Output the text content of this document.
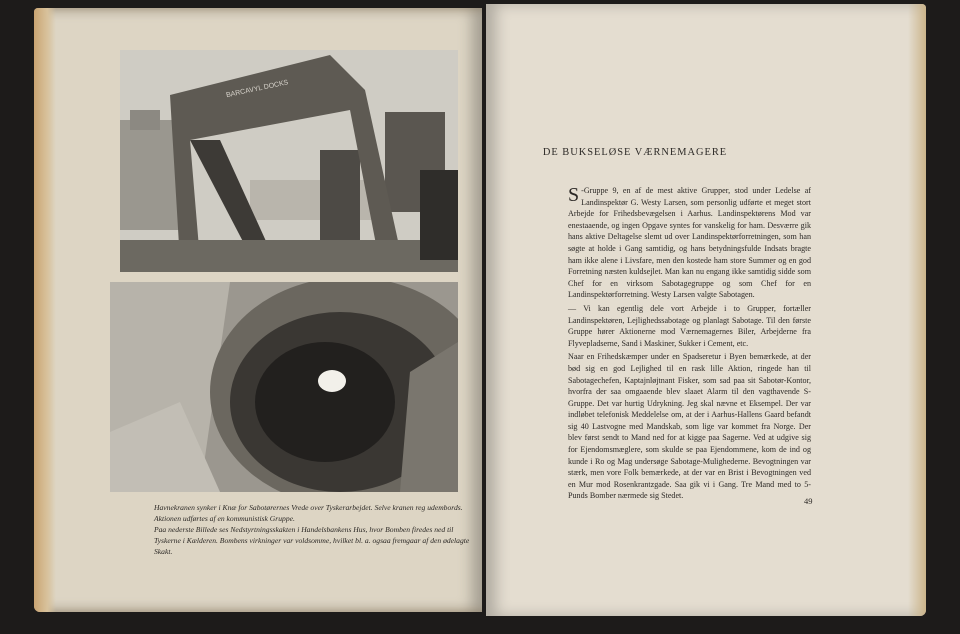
BARCAVYL DOCKS
Havnekranen synker i Knæ for Sabotørernes Vrede over Tyskerarbejdet. Selve kranen reg udembords. Aktionen udførtes af en kommunistisk Gruppe.
Paa nederste Billede ses Nedstyrtningsskakten i Handelsbankens Hus, hvor Bomben firedes ned til Tyskerne i Kælderen. Bombens virkninger var voldsomme, hvilket bl. a. ogsaa fremgaar af den ødelagte Skakt.
DE BUKSELØSE VÆRNEMAGERE

S -Gruppe 9, en af de mest aktive Grupper, stod under Ledelse af Landinspektør G. Westy Larsen, som personlig udførte et meget stort Arbejde for Frihedsbevægelsen i Aarhus. Landinspektørens Mod var enestaaende, og ingen Opgave syntes for vanskelig for ham. Desværre gik hans aktive Deltagelse slemt ud over Landinspektørforretningen, som han søgte at holde i Gang samtidig, og hans betydningsfulde Indsats bragte ham ikke alene i Livsfare, men den kostede ham store Summer og en god Forretning næsten kuldsejlet. Man kan nu engang ikke samtidig sidde som Chef for en virksom Sabotagegruppe og som Chef for en Landinspektørforretning. Westy Larsen valgte Sabotagen.

— Vi kan egentlig dele vort Arbejde i to Grupper, fortæller Landinspektøren, Lejlighedssabotage og planlagt Sabotage. Til den første Gruppe hører Aktionerne mod Værnemagernes Biler, Arbejderne fra Flyvepladserne, Sand i Maskiner, Sukker i Cement, etc.

Naar en Frihedskæmper under en Spadseretur i Byen bemærkede, at der bød sig en god Lejlighed til en rask lille Aktion, ringede han til Sabotagechefen, Kaptajnløjtnant Fisker, som sad paa sit Sabotør-Kontor, hvorfra der saa omgaaende blev slaaet Alarm til den vagthavende S-Gruppe. Det var hurtig Udrykning. Jeg skal nævne et Eksempel. Der var indløbet telefonisk Meddelelse om, at der i Aarhus-Hallens Gaard befandt sig 40 Lastvogne med Mandskab, som lige var kommet fra Norge. Der blev først sendt to Mand ned for at kigge paa Sagerne. Ved at udgive sig for Ejendomsmæglere, som skulde se paa Ejendommene, kom de ind og kunde i Ro og Mag undersøge Sabotage-Mulighederne. Bevogtningen var stærk, men vore Folk bemærkede, at der var en Brist i Bevogtningen ved en Mur mod Rosenkrantzgade. Saa gik vi i Gang. Tre Mand med to 5-Punds Bomber nærmede sig Stedet.

49
